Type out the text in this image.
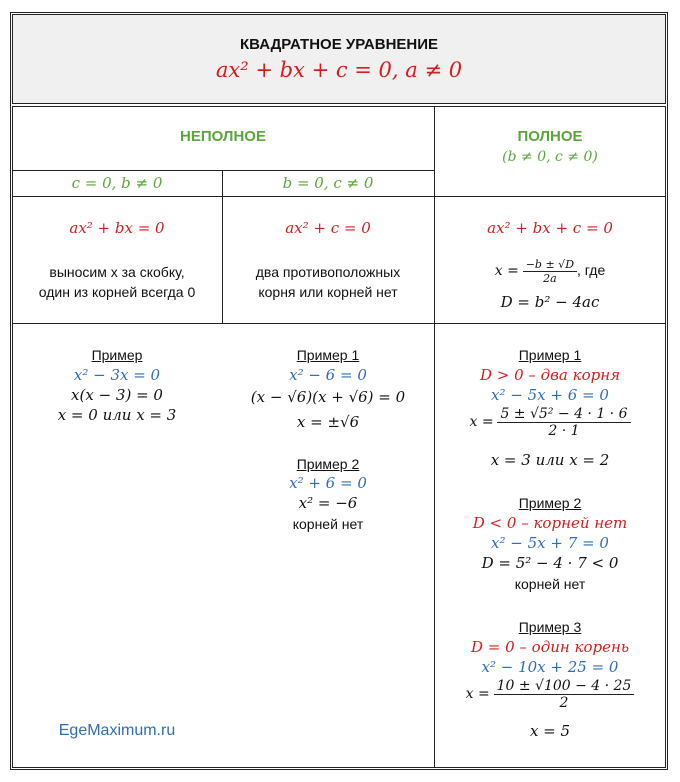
КВАДРАТНОЕ УРАВНЕНИЕ
ax² + bx + c = 0, a ≠ 0
НЕПОЛНОЕ
c = 0, b ≠ 0	b = 0, c ≠ 0
ПОЛНОЕ
(b ≠ 0, c ≠ 0)
ax² + bx = 0
выносим x за скобку,
один из корней всегда 0
ax² + c = 0
два противоположных
корня или корней нет
ax² + bx + c = 0
$x = \frac{-b \pm √D}{2a}$ , где
D = b² − 4ac
Пример
x² − 3x = 0
x(x − 3) = 0
x = 0 или x = 3
Пример 1
x² − 6 = 0
(x − √6)(x + √6) = 0
x = ±√6
Пример 2
x² + 6 = 0
x² = −6
корней нет
Пример 1
D > 0 – два корня
x² − 5x + 6 = 0
$x = \frac{\text{5 ± √5² − 4 · 1 · 6}}{2 \cdot 1}$
x = 3 или x = 2
Пример 2
D < 0 – корней нет
x² − 5x + 7 = 0
D = 5² − 4 · 7 < 0
корней нет
Пример 3
D = 0 – один корень
x² − 10x + 25 = 0
$x = \frac{10 \pm √100 - 4 \cdot 25}{2}$
x = 5
EgeMaximum.ru
